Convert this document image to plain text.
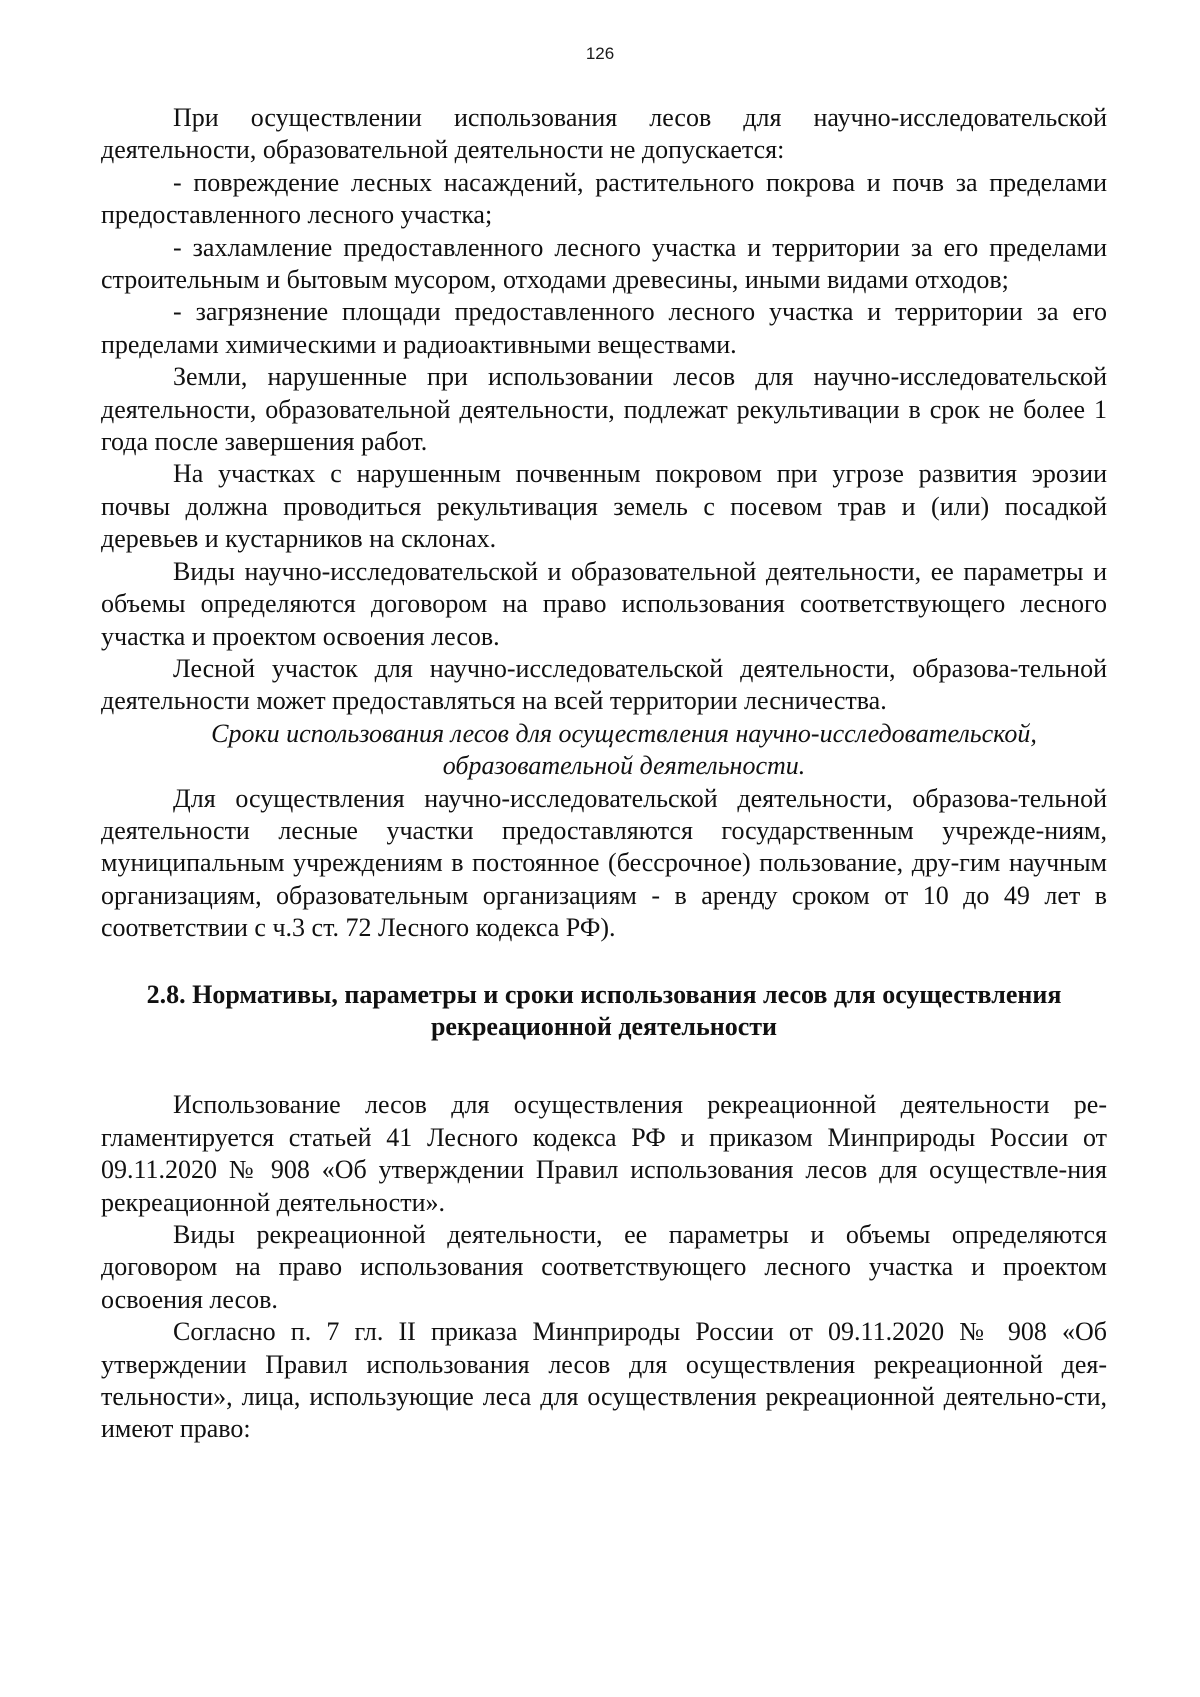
126

При осуществлении использования лесов для научно-исследовательской деятельности, образовательной деятельности не допускается:

- повреждение лесных насаждений, растительного покрова и почв за пределами предоставленного лесного участка;

- захламление предоставленного лесного участка и территории за его пределами строительным и бытовым мусором, отходами древесины, иными видами отходов;

- загрязнение площади предоставленного лесного участка и территории за его пределами химическими и радиоактивными веществами.

Земли, нарушенные при использовании лесов для научно-исследовательской деятельности, образовательной деятельности, подлежат рекультивации в срок не более 1 года после завершения работ.

На участках с нарушенным почвенным покровом при угрозе развития эрозии почвы должна проводиться рекультивация земель с посевом трав и (или) посадкой деревьев и кустарников на склонах.

Виды научно-исследовательской и образовательной деятельности, ее параметры и объемы определяются договором на право использования соответствующего лесного участка и проектом освоения лесов.

Лесной участок для научно-исследовательской деятельности, образова-тельной деятельности может предоставляться на всей территории лесничества.

Сроки использования лесов для осуществления научно-исследовательской, образовательной деятельности.

Для осуществления научно-исследовательской деятельности, образова-тельной деятельности лесные участки предоставляются государственным учрежде-ниям, муниципальным учреждениям в постоянное (бессрочное) пользование, дру-гим научным организациям, образовательным организациям - в аренду сроком от 10 до 49 лет в соответствии с ч.3 ст. 72 Лесного кодекса РФ).

2.8. Нормативы, параметры и сроки использования лесов для осуществления рекреационной деятельности

Использование лесов для осуществления рекреационной деятельности ре-гламентируется статьей 41 Лесного кодекса РФ и приказом Минприроды России от 09.11.2020 № 908 «Об утверждении Правил использования лесов для осуществле-ния рекреационной деятельности».

Виды рекреационной деятельности, ее параметры и объемы определяются договором на право использования соответствующего лесного участка и проектом освоения лесов.

Согласно п. 7 гл. II приказа Минприроды России от 09.11.2020 № 908 «Об утверждении Правил использования лесов для осуществления рекреационной дея-тельности», лица, использующие леса для осуществления рекреационной деятельно-сти, имеют право:
